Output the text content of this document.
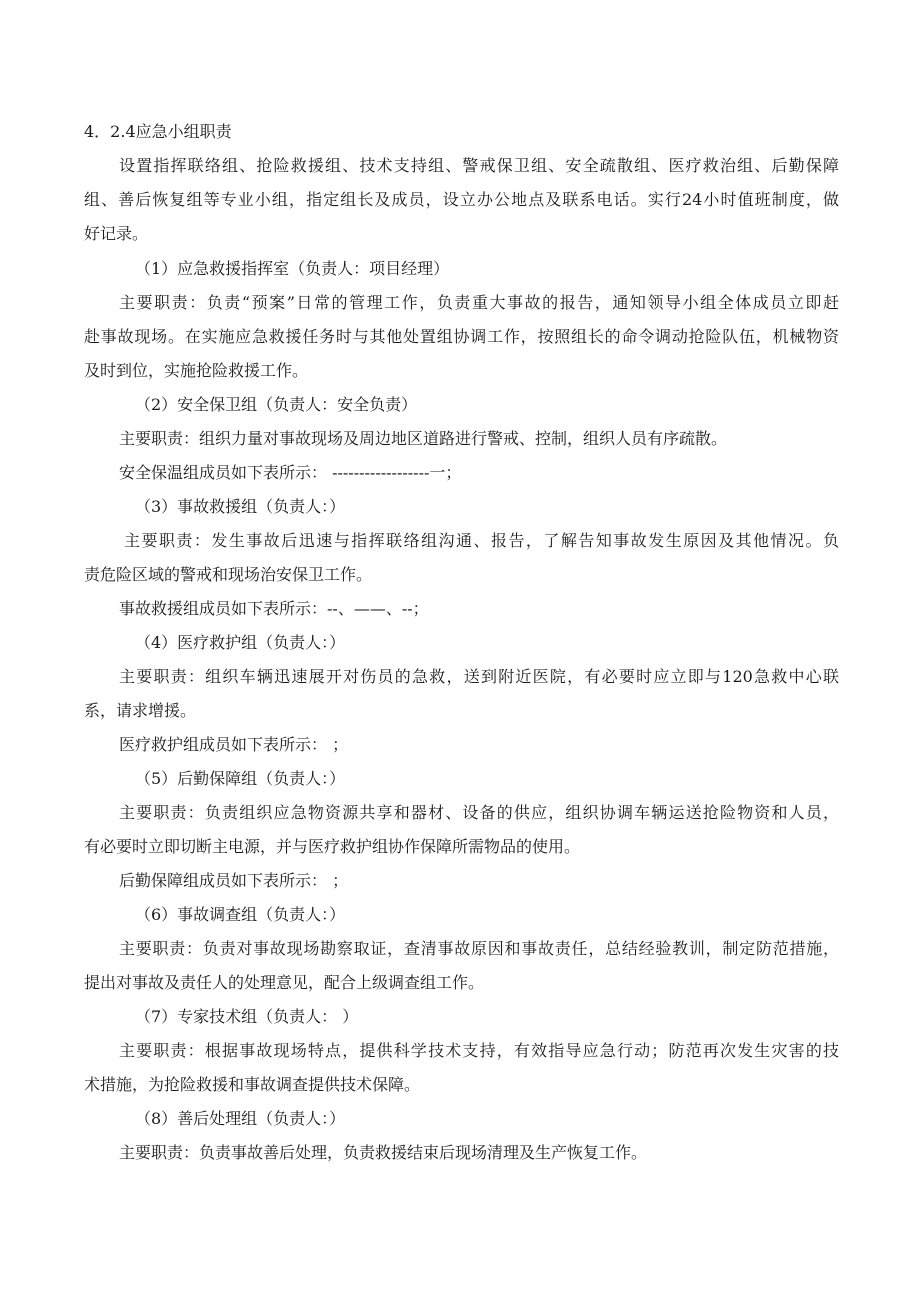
4．2.4应急小组职责
设置指挥联络组、抢险救援组、技术支持组、警戒保卫组、安全疏散组、医疗救治组、后勤保障
组、善后恢复组等专业小组，指定组长及成员，设立办公地点及联系电话。实行24小时值班制度，做
好记录。
（1）应急救援指挥室（负责人：项目经理）
主要职责：负责“预案”日常的管理工作，负责重大事故的报告，通知领导小组全体成员立即赶
赴事故现场。在实施应急救援任务时与其他处置组协调工作，按照组长的命令调动抢险队伍，机械物资
及时到位，实施抢险救援工作。
（2）安全保卫组（负责人：安全负责）
主要职责：组织力量对事故现场及周边地区道路进行警戒、控制，组织人员有序疏散。
安全保温组成员如下表所示： ------------------一；
（3）事故救援组（负责人：）
主要职责：发生事故后迅速与指挥联络组沟通、报告，了解告知事故发生原因及其他情况。负
责危险区域的警戒和现场治安保卫工作。
事故救援组成员如下表所示：--、——、--；
（4）医疗救护组（负责人：）
主要职责：组织车辆迅速展开对伤员的急救，送到附近医院，有必要时应立即与120急救中心联
系，请求增援。
医疗救护组成员如下表所示： ；
（5）后勤保障组（负责人：）
主要职责：负责组织应急物资源共享和器材、设备的供应，组织协调车辆运送抢险物资和人员，
有必要时立即切断主电源，并与医疗救护组协作保障所需物品的使用。
后勤保障组成员如下表所示： ；
（6）事故调查组（负责人：）
主要职责：负责对事故现场勘察取证，查清事故原因和事故责任，总结经验教训，制定防范措施，
提出对事故及责任人的处理意见，配合上级调查组工作。
（7）专家技术组（负责人： ）
主要职责：根据事故现场特点，提供科学技术支持，有效指导应急行动；防范再次发生灾害的技
术措施，为抢险救援和事故调查提供技术保障。
（8）善后处理组（负责人：）
主要职责：负责事故善后处理，负责救援结束后现场清理及生产恢复工作。
